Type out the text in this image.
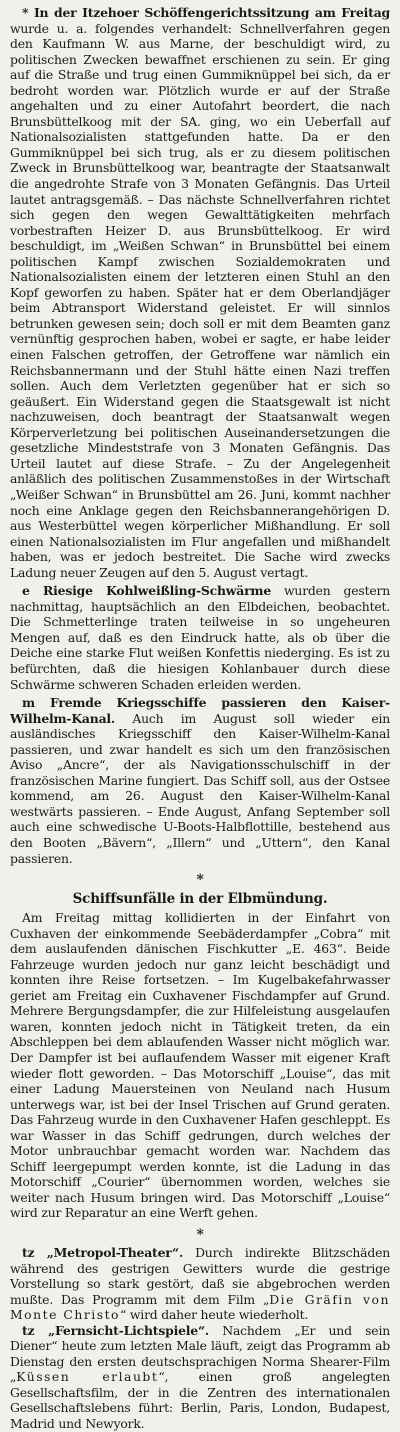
* In der Itzehoer Schöffengerichtssitzung am Freitag wurde u. a. folgendes verhandelt: Schnellverfahren gegen den Kaufmann W. aus Marne, der beschuldigt wird, zu politischen Zwecken bewaffnet erschienen zu sein. Er ging auf die Straße und trug einen Gummiknüppel bei sich, da er bedroht worden war. Plötzlich wurde er auf der Straße angehalten und zu einer Autofahrt beordert, die nach Brunsbüttelkoog mit der SA. ging, wo ein Ueberfall auf Nationalsozialisten stattgefunden hatte. Da er den Gummiknüppel bei sich trug, als er zu diesem politischen Zweck in Brunsbüttelkoog war, beantragte der Staatsanwalt die angedrohte Strafe von 3 Monaten Gefängnis. Das Urteil lautet antragsgemäß. – Das nächste Schnellverfahren richtet sich gegen den wegen Gewalttätigkeiten mehrfach vorbestraften Heizer D. aus Brunsbüttelkoog. Er wird beschuldigt, im „Weißen Schwan“ in Brunsbüttel bei einem politischen Kampf zwischen Sozialdemokraten und Nationalsozialisten einem der letzteren einen Stuhl an den Kopf geworfen zu haben. Später hat er dem Oberlandjäger beim Abtransport Widerstand geleistet. Er will sinnlos betrunken gewesen sein; doch soll er mit dem Beamten ganz vernünftig gesprochen haben, wobei er sagte, er habe leider einen Falschen getroffen, der Getroffene war nämlich ein Reichsbannermann und der Stuhl hätte einen Nazi treffen sollen. Auch dem Verletzten gegenüber hat er sich so geäußert. Ein Widerstand gegen die Staatsgewalt ist nicht nachzuweisen, doch beantragt der Staatsanwalt wegen Körperverletzung bei politischen Auseinandersetzungen die gesetzliche Mindeststrafe von 3 Monaten Gefängnis. Das Urteil lautet auf diese Strafe. – Zu der Angelegenheit anläßlich des politischen Zusammenstoßes in der Wirtschaft „Weißer Schwan“ in Brunsbüttel am 26. Juni, kommt nachher noch eine Anklage gegen den Reichsbannerangehörigen D. aus Westerbüttel wegen körperlicher Mißhandlung. Er soll einen Nationalsozialisten im Flur angefallen und mißhandelt haben, was er jedoch bestreitet. Die Sache wird zwecks Ladung neuer Zeugen auf den 5. August vertagt.

e Riesige Kohlweißling-Schwärme wurden gestern nachmittag, hauptsächlich an den Elbdeichen, beobachtet. Die Schmetterlinge traten teilweise in so ungeheuren Mengen auf, daß es den Eindruck hatte, als ob über die Deiche eine starke Flut weißen Konfettis niederging. Es ist zu befürchten, daß die hiesigen Kohlanbauer durch diese Schwärme schweren Schaden erleiden werden.

m Fremde Kriegsschiffe passieren den Kaiser-Wilhelm-Kanal. Auch im August soll wieder ein ausländisches Kriegsschiff den Kaiser-Wilhelm-Kanal passieren, und zwar handelt es sich um den französischen Aviso „Ancre“, der als Navigationsschulschiff in der französischen Marine fungiert. Das Schiff soll, aus der Ostsee kommend, am 26. August den Kaiser-Wilhelm-Kanal westwärts passieren. – Ende August, Anfang September soll auch eine schwedische U-Boots-Halbflottille, bestehend aus den Booten „Bävern“, „Illern“ und „Uttern“, den Kanal passieren.

*

Schiffsunfälle in der Elbmündung.

Am Freitag mittag kollidierten in der Einfahrt von Cuxhaven der einkommende Seebäderdampfer „Cobra“ mit dem auslaufenden dänischen Fischkutter „E. 463“. Beide Fahrzeuge wurden jedoch nur ganz leicht beschädigt und konnten ihre Reise fortsetzen. – Im Kugelbakefahrwasser geriet am Freitag ein Cuxhavener Fischdampfer auf Grund. Mehrere Bergungsdampfer, die zur Hilfeleistung ausgelaufen waren, konnten jedoch nicht in Tätigkeit treten, da ein Abschleppen bei dem ablaufenden Wasser nicht möglich war. Der Dampfer ist bei auflaufendem Wasser mit eigener Kraft wieder flott geworden. – Das Motorschiff „Louise“, das mit einer Ladung Mauersteinen von Neuland nach Husum unterwegs war, ist bei der Insel Trischen auf Grund geraten. Das Fahrzeug wurde in den Cuxhavener Hafen geschleppt. Es war Wasser in das Schiff gedrungen, durch welches der Motor unbrauchbar gemacht worden war. Nachdem das Schiff leergepumpt werden konnte, ist die Ladung in das Motorschiff „Courier“ übernommen worden, welches sie weiter nach Husum bringen wird. Das Motorschiff „Louise“ wird zur Reparatur an eine Werft gehen.

*

tz „Metropol-Theater“. Durch indirekte Blitzschäden während des gestrigen Gewitters wurde die gestrige Vorstellung so stark gestört, daß sie abgebrochen werden mußte. Das Programm mit dem Film „Die Gräfin von Monte Christo“ wird daher heute wiederholt.

tz „Fernsicht-Lichtspiele“. Nachdem „Er und sein Diener“ heute zum letzten Male läuft, zeigt das Programm ab Dienstag den ersten deutschsprachigen Norma Shearer-Film „Küssen erlaubt“, einen groß angelegten Gesellschaftsfilm, der in die Zentren des internationalen Gesellschaftslebens führt: Berlin, Paris, London, Budapest, Madrid und Newyork.
